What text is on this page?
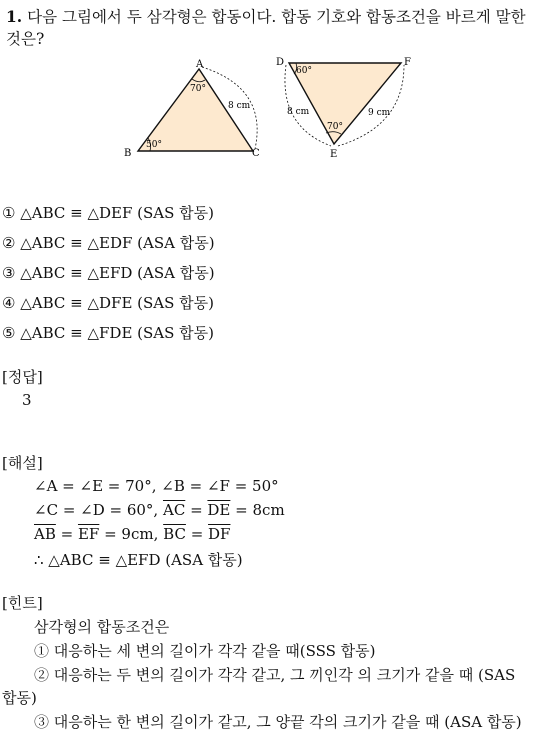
1. 다음 그림에서 두 삼각형은 합동이다. 합동 기호와 합동조건을 바르게 말한
것은?
A
B	C
70°
50°
8 cm
D
E
F
60°
70°
8 cm	9 cm
① △ABC ≡ △DEF (SAS 합동)
② △ABC ≡ △EDF (ASA 합동)
③ △ABC ≡ △EFD (ASA 합동)
④ △ABC ≡ △DFE (SAS 합동)
⑤ △ABC ≡ △FDE (SAS 합동)
[정답]
3
[해설]
∠A = ∠E = 70°, ∠B = ∠F = 50°
∠C = ∠D = 60°, $\overline{AC} = \overline{DE} = 8cm$
$\overline{AB} = \overline{EF} = 9cm$, $\overline{BC} = \overline{DF}$
∴ △ABC ≡ △EFD (ASA 합동)
[힌트]
삼각형의 합동조건은
① 대응하는 세 변의 길이가 각각 같을 때(SSS 합동)
② 대응하는 두 변의 길이가 각각 같고, 그 끼인각 의 크기가 같을 때 (SAS
합동)
③ 대응하는 한 변의 길이가 같고, 그 양끝 각의 크기가 같을 때 (ASA 합동)
